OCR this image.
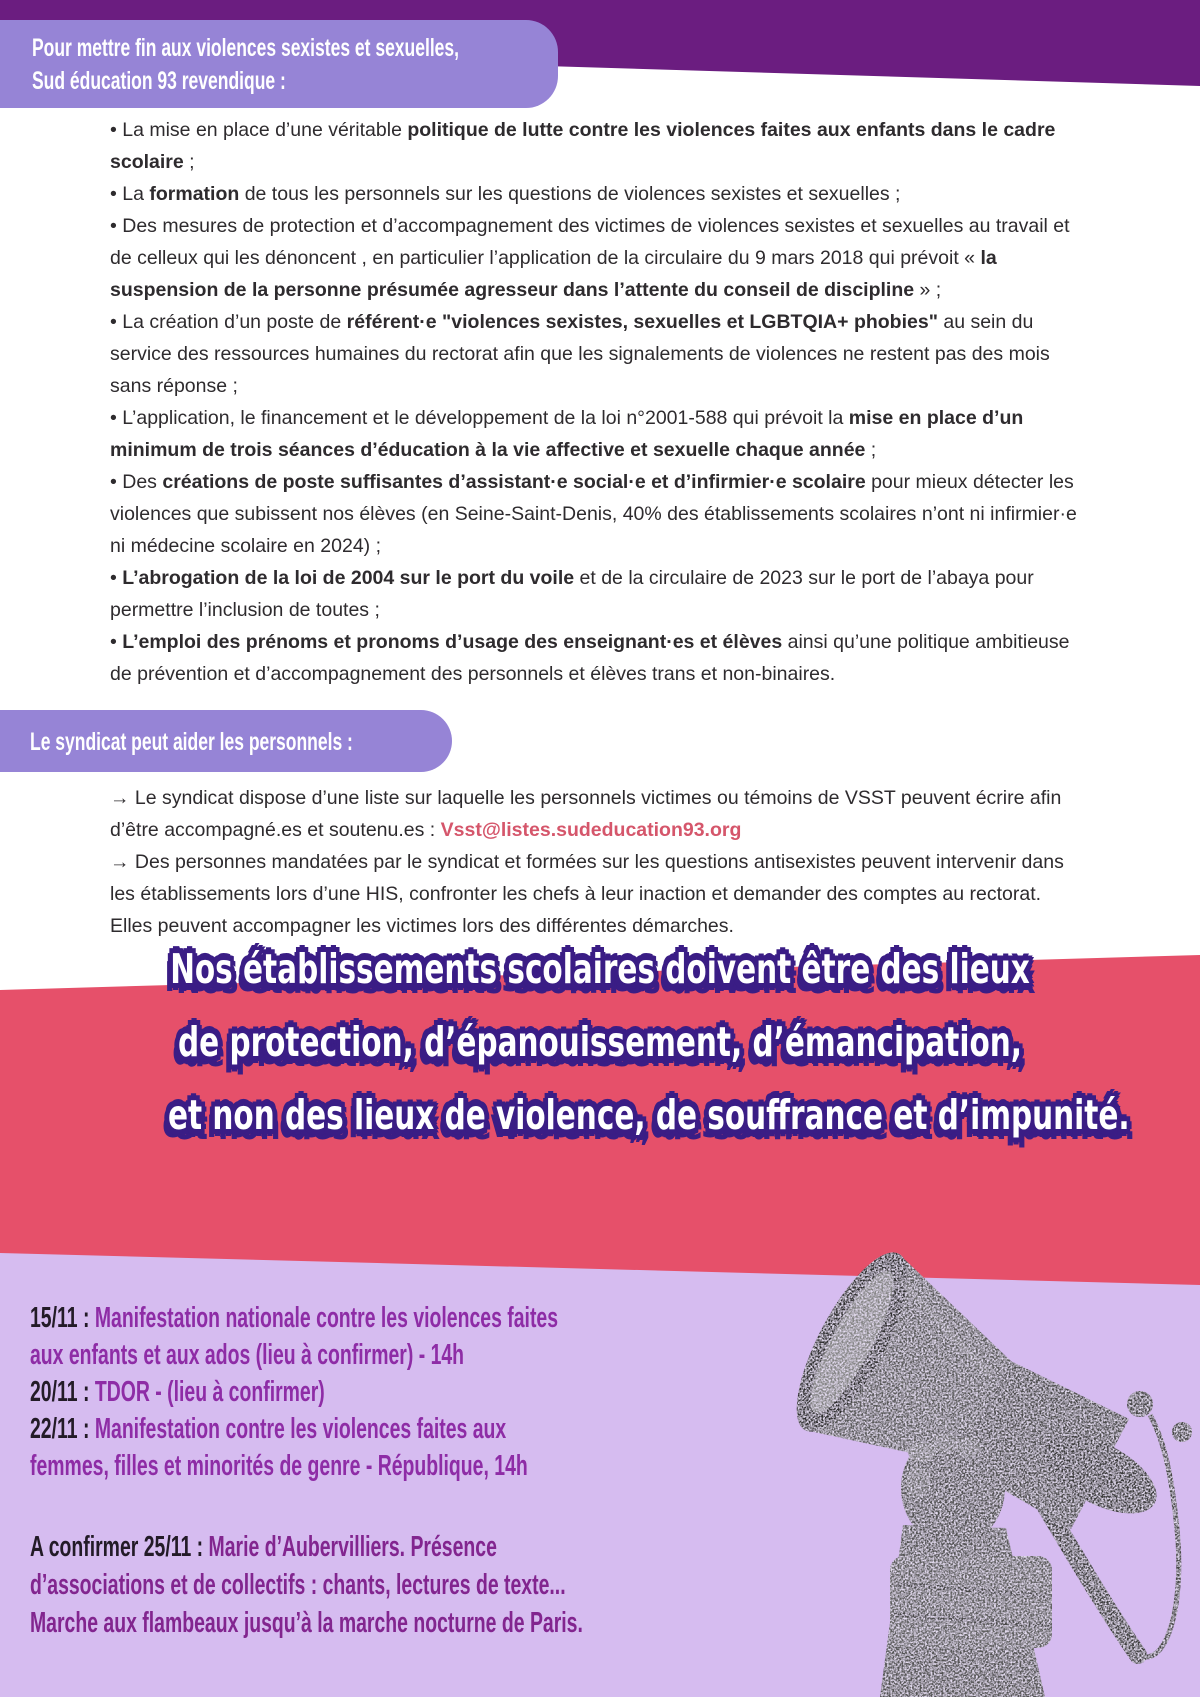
Pour mettre fin aux violences sexistes et sexuelles,
Sud éducation 93 revendique :

• La mise en place d’une véritable politique de lutte contre les violences faites aux enfants dans le cadre scolaire ;

• La formation de tous les personnels sur les questions de violences sexistes et sexuelles ;

• Des mesures de protection et d’accompagnement des victimes de violences sexistes et sexuelles au travail et de celleux qui les dénoncent , en particulier l’application de la circulaire du 9 mars 2018 qui prévoit « la suspension de la personne présumée agresseur dans l’attente du conseil de discipline » ;

• La création d’un poste de référent·e "violences sexistes, sexuelles et LGBTQIA+ phobies" au sein du service des ressources humaines du rectorat afin que les signalements de violences ne restent pas des mois sans réponse ;

• L’application, le financement et le développement de la loi n°2001-588 qui prévoit la mise en place d’un minimum de trois séances d’éducation à la vie affective et sexuelle chaque année ;

• Des créations de poste suffisantes d’assistant·e social·e et d’infirmier·e scolaire pour mieux détecter les violences que subissent nos élèves (en Seine-Saint-Denis, 40% des établissements scolaires n’ont ni infirmier·e ni médecine scolaire en 2024) ;

• L’abrogation de la loi de 2004 sur le port du voile et de la circulaire de 2023 sur le port de l’abaya pour permettre l’inclusion de toutes ;

• L’emploi des prénoms et pronoms d’usage des enseignant·es et élèves ainsi qu’une politique ambitieuse de prévention et d’accompagnement des personnels et élèves trans et non-binaires.

Le syndicat peut aider les personnels :

→ Le syndicat dispose d’une liste sur laquelle les personnels victimes ou témoins de VSST peuvent écrire afin d’être accompagné.es et soutenu.es : Vsst@listes.sudeducation93.org

→ Des personnes mandatées par le syndicat et formées sur les questions antisexistes peuvent intervenir dans les établissements lors d’une HIS, confronter les chefs à leur inaction et demander des comptes au rectorat. Elles peuvent accompagner les victimes lors des différentes démarches.

Nos établissements scolaires doivent être des lieux
de protection, d’épanouissement, d’émancipation,
et non des lieux de violence, de souffrance et d’impunité.
15/11 : Manifestation nationale contre les violences faites
aux enfants et aux ados (lieu à confirmer) - 14h
20/11 : TDOR - (lieu à confirmer)
22/11 : Manifestation contre les violences faites aux
femmes, filles et minorités de genre - République, 14h
A confirmer 25/11 : Marie d’Aubervilliers. Présence
d’associations et de collectifs : chants, lectures de texte...
Marche aux flambeaux jusqu’à la marche nocturne de Paris.
